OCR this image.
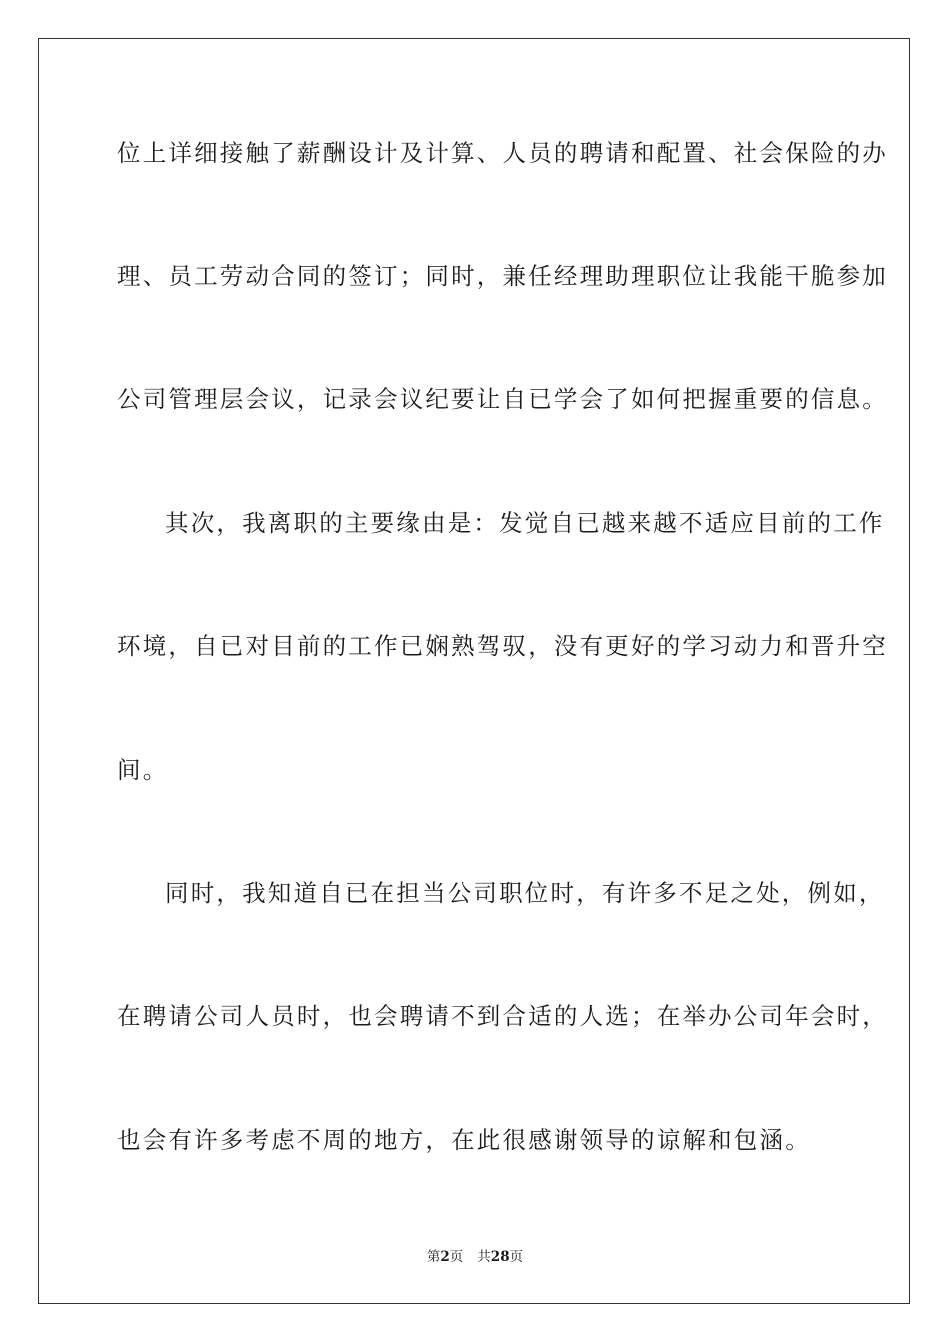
位上详细接触了薪酬设计及计算、人员的聘请和配置、社会保险的办
理、员工劳动合同的签订；同时，兼任经理助理职位让我能干脆参加
公司管理层会议，记录会议纪要让自已学会了如何把握重要的信息。
其次，我离职的主要缘由是：发觉自已越来越不适应目前的工作
环境，自已对目前的工作已娴熟驾驭，没有更好的学习动力和晋升空
间。
同时，我知道自已在担当公司职位时，有许多不足之处，例如，
在聘请公司人员时，也会聘请不到合适的人选；在举办公司年会时，
也会有许多考虑不周的地方，在此很感谢领导的谅解和包涵。
第2页 共28页
